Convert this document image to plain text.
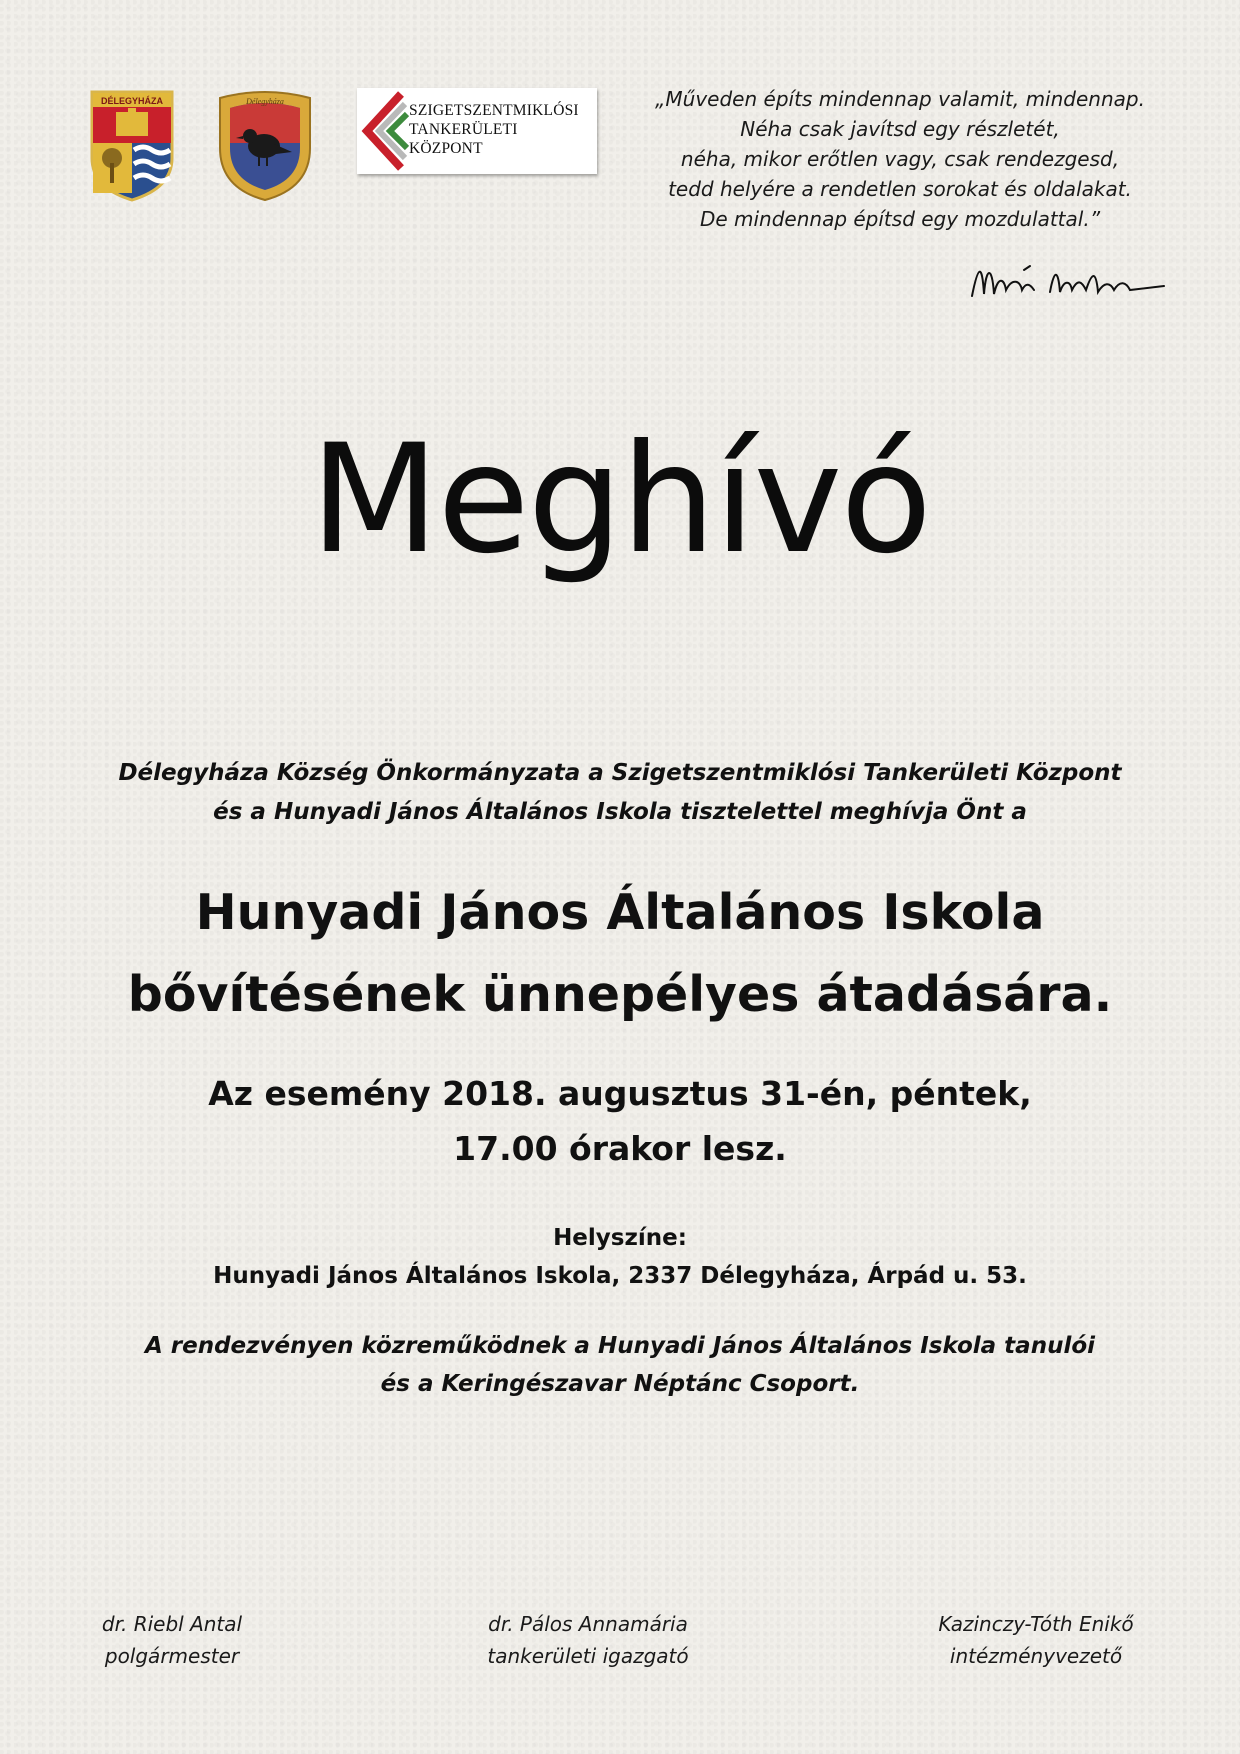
DÉLEGYHÁZA	Délegyháza
SZIGETSZENTMIKLÓSI
TANKERÜLETI
KÖZPONT
„Műveden építs mindennap valamit, mindennap.
Néha csak javítsd egy részletét,
néha, mikor erőtlen vagy, csak rendezgesd,
tedd helyére a rendetlen sorokat és oldalakat.
De mindennap építsd egy mozdulattal.”
Meghívó
Délegyháza Község Önkormányzata a Szigetszentmiklósi Tankerületi Központ
és a Hunyadi János Általános Iskola tisztelettel meghívja Önt a
Hunyadi János Általános Iskola
bővítésének ünnepélyes átadására.
Az esemény 2018. augusztus 31-én, péntek,
17.00 órakor lesz.
Helyszíne:
Hunyadi János Általános Iskola, 2337 Délegyháza, Árpád u. 53.
A rendezvényen közreműködnek a Hunyadi János Általános Iskola tanulói
és a Keringészavar Néptánc Csoport.
dr. Riebl Antal
polgármester
dr. Pálos Annamária
tankerületi igazgató
Kazinczy-Tóth Enikő
intézményvezető
